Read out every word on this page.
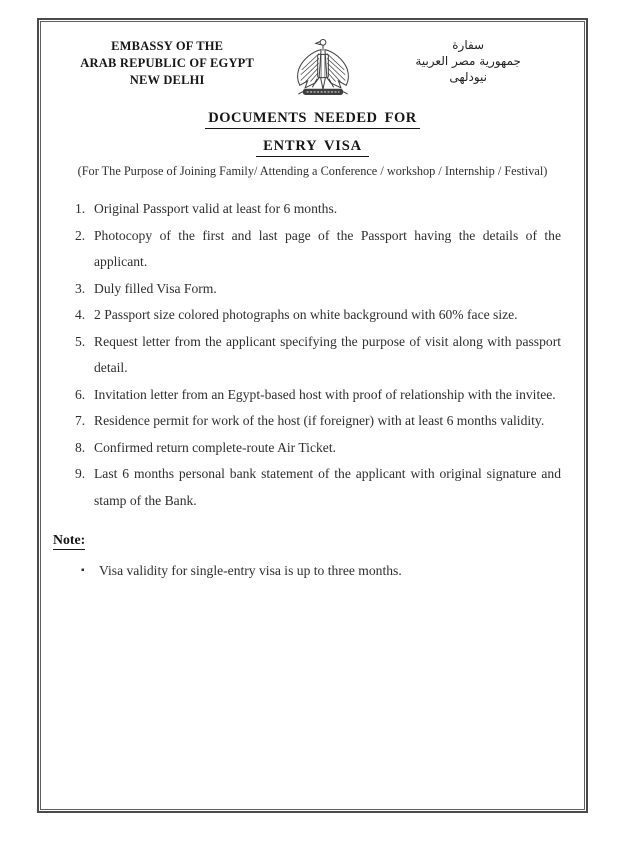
EMBASSY OF THE
ARAB REPUBLIC OF EGYPT
NEW DELHI
سفارة
جمهورية مصر العربية
نيودلهى
DOCUMENTS NEEDED FOR
ENTRY VISA
(For The Purpose of Joining Family/ Attending a Conference / workshop / Internship / Festival)
1. Original Passport valid at least for 6 months.
2. Photocopy of the first and last page of the Passport having the details of the applicant.
3. Duly filled Visa Form.
4. 2 Passport size colored photographs on white background with 60% face size.
5. Request letter from the applicant specifying the purpose of visit along with passport detail.
6. Invitation letter from an Egypt-based host with proof of relationship with the invitee.
7. Residence permit for work of the host (if foreigner) with at least 6 months validity.
8. Confirmed return complete-route Air Ticket.
9. Last 6 months personal bank statement of the applicant with original signature and stamp of the Bank.
Note:
▪	Visa validity for single-entry visa is up to three months.
